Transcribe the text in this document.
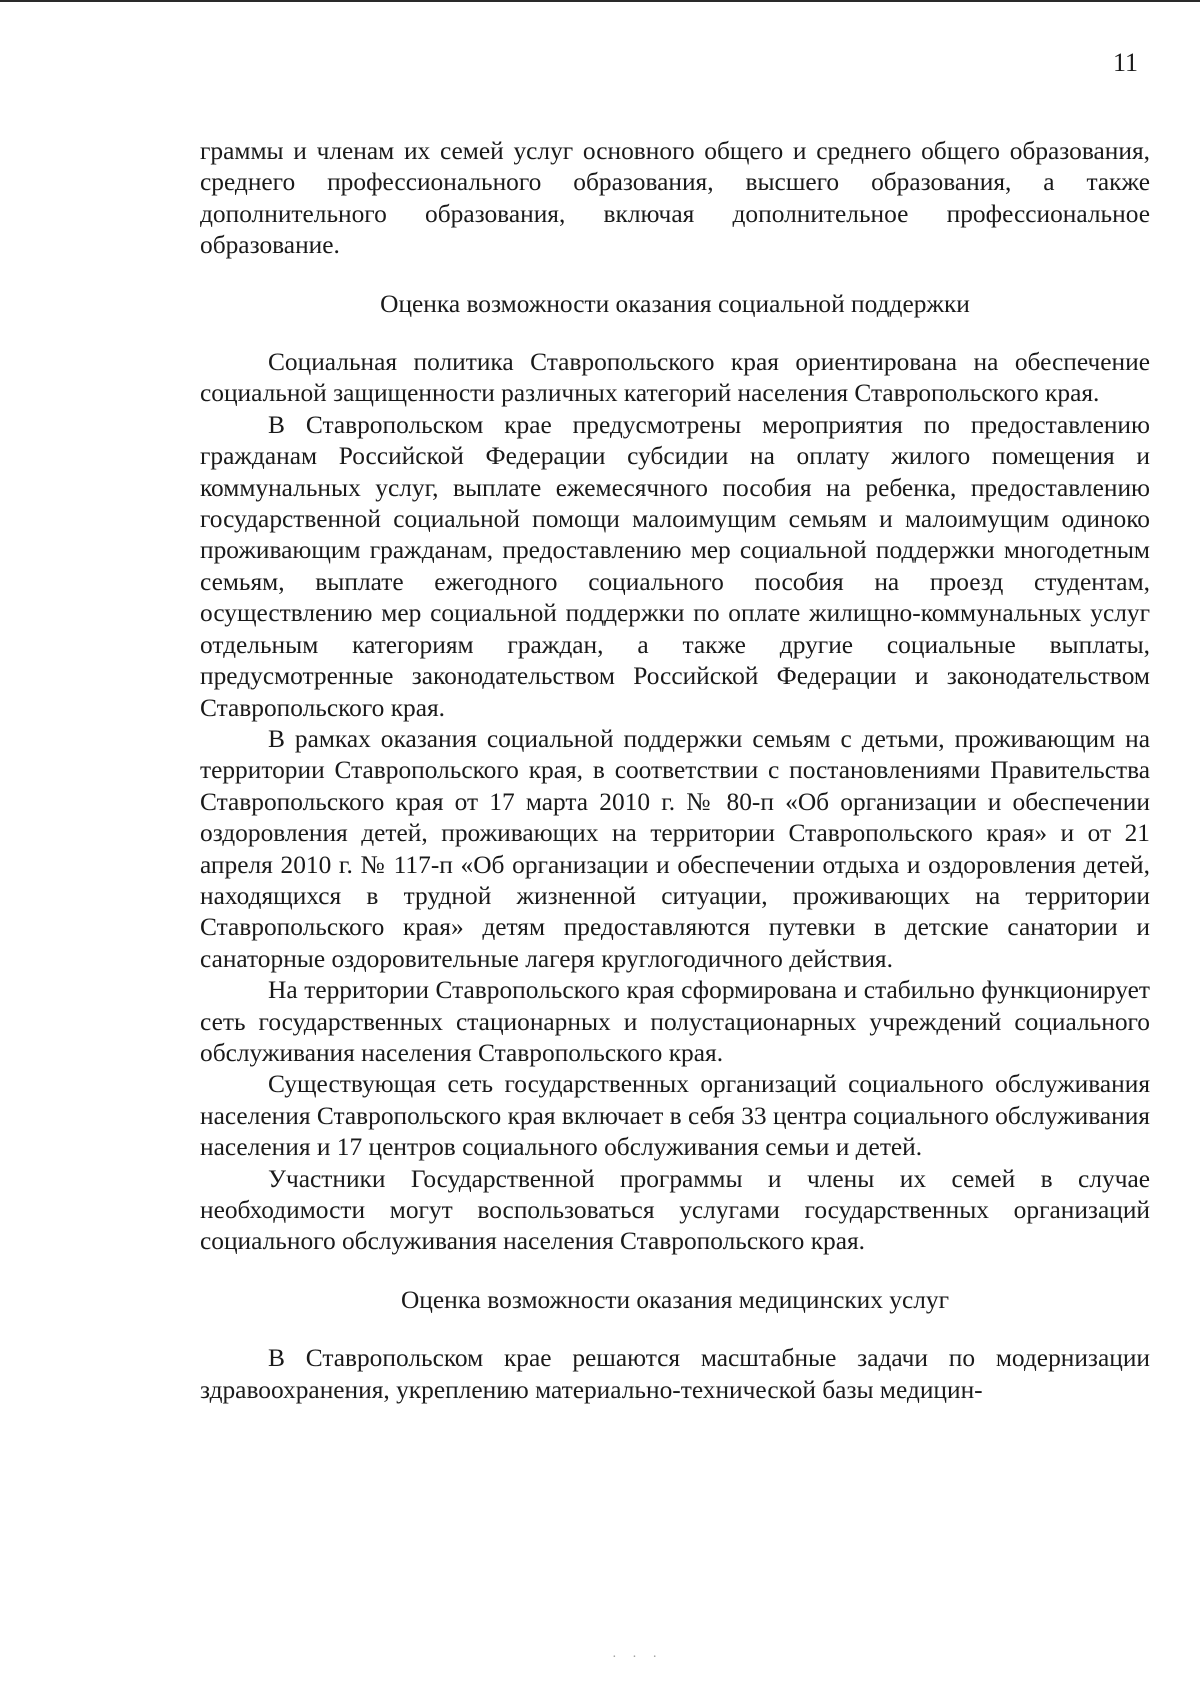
11

граммы и членам их семей услуг основного общего и среднего общего образования, среднего профессионального образования, высшего образования, а также дополнительного образования, включая дополнительное профессиональное образование.

Оценка возможности оказания социальной поддержки

Социальная политика Ставропольского края ориентирована на обеспечение социальной защищенности различных категорий населения Ставропольского края.

В Ставропольском крае предусмотрены мероприятия по предоставлению гражданам Российской Федерации субсидии на оплату жилого помещения и коммунальных услуг, выплате ежемесячного пособия на ребенка, предоставлению государственной социальной помощи малоимущим семьям и малоимущим одиноко проживающим гражданам, предоставлению мер социальной поддержки многодетным семьям, выплате ежегодного социального пособия на проезд студентам, осуществлению мер социальной поддержки по оплате жилищно-коммунальных услуг отдельным категориям граждан, а также другие социальные выплаты, предусмотренные законодательством Российской Федерации и законодательством Ставропольского края.

В рамках оказания социальной поддержки семьям с детьми, проживающим на территории Ставропольского края, в соответствии с постановлениями Правительства Ставропольского края от 17 марта 2010 г. № 80-п «Об организации и обеспечении оздоровления детей, проживающих на территории Ставропольского края» и от 21 апреля 2010 г. № 117-п «Об организации и обеспечении отдыха и оздоровления детей, находящихся в трудной жизненной ситуации, проживающих на территории Ставропольского края» детям предоставляются путевки в детские санатории и санаторные оздоровительные лагеря круглогодичного действия.

На территории Ставропольского края сформирована и стабильно функционирует сеть государственных стационарных и полустационарных учреждений социального обслуживания населения Ставропольского края.

Существующая сеть государственных организаций социального обслуживания населения Ставропольского края включает в себя 33 центра социального обслуживания населения и 17 центров социального обслуживания семьи и детей.

Участники Государственной программы и члены их семей в случае необходимости могут воспользоваться услугами государственных организаций социального обслуживания населения Ставропольского края.

Оценка возможности оказания медицинских услуг

В Ставропольском крае решаются масштабные задачи по модернизации здравоохранения, укреплению материально-технической базы медицин-

· · ·
